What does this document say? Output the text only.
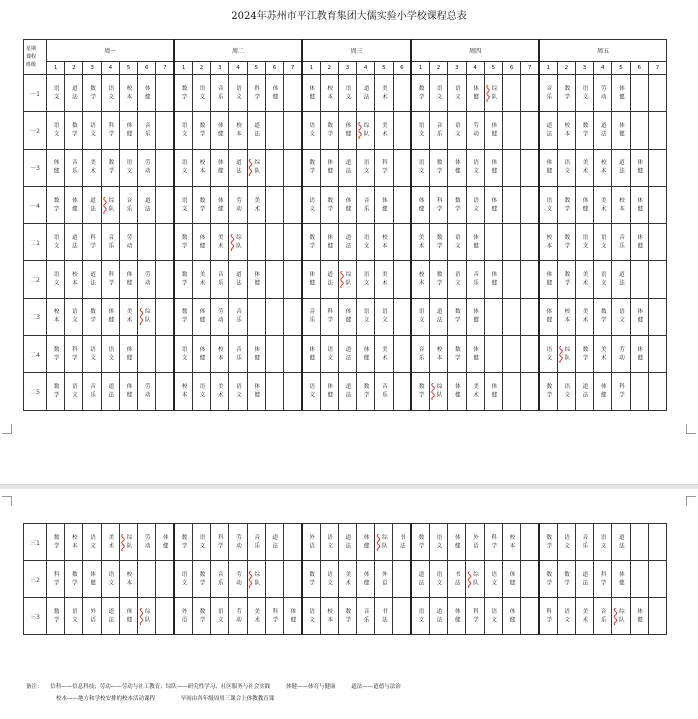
2024年苏州市平江教育集团大儒实验小学校课程总表
星期
课程
班级	周一							周二							周三						周四							周五						
	1	2	3	4	5	6	7	1	2	3	4	5	6	7	1	2	3	4	5	6	1	2	3	4	5	6	7	1	2	3	4	5	6	7
一1	语文	道法	数学	语文	校本	体健		数学	语文	音乐	语文	科学	体健		体健	校本	语文	道法	美术		数学	语文	语文	体健	综队			音乐	数学	语文	劳动	体健		

一2	语文	数学	语文	科学	体健	音乐		语文	数学	体健	校本	道法			语文	数学	体健	综队	美术		语文	音乐	语文	劳动	体健			道法	校本	数学	道法	体健		

一3	体健	音乐	美术	数学	语文	劳动		语文	校本	体健	道法	综队			数学	体健	道法	语文	科学		语文	数学	体健	语文	体健			体健	语文	美术	校本	道法	体健	

一4	数学	体健	道法	综队	音乐	道法		语文	数学	体健	劳动	美术			语文	数学	体健	音乐	体健		体健	科学	数学	语文	体健			语文	数学	体健	美术	校本	体健	

二1	语文	道法	科学	音乐	劳动			数学	体健	美术	综队				数学	体健	道法	语文	校本		美术	数学	语文	体健				校本	数学	语文	语文	音乐	体健	

二2	语文	校本	道法	科学	体健	劳动		数学	美术	音乐	道法	体健			体健	道法	综队	语文	美术		校本	数学	语文	音乐	体健			体健	数学	美术	语文	道法		

二3	校本	语文	数学	体健	美术	综队		数学	体健	劳动	音乐				音乐	科学	体健	语文	语文		语文	道法	数学	体健				体健	校本	美术	数学	语文	体健	

二4	数学	科学	语文	语文	体健			语文	体健	校本	音乐	体健			体健	语文	道法	体健	美术		音乐	校本	数学	体健				语文	综队	数学	美术	劳动	体健	

二5	数学	语文	音乐	道法	体健	劳动		校本	语文	美术	语文	体健			语文	体健	道法	数学	音乐		数学	综队	体健	美术	体健			数学	语文	道法	体健	科学		

三1	数学	校本	语文	美术	综队	劳动	体健	数学	语文	科学	劳动	音乐	道法		外语	语文	道法	体健	综队	书法	数学	语文	体健	外语	科学	校本		数学	语文	音乐	语文	道法		

三2	科学	数学	体健	语文	校本			语文	数学	音乐	劳动	综队			数学	语文	美术	体健	外语		道法	语文	书法	综队	语文	体健		数学	数学	道法	科学	体健		

三3	数学	语文	外语	道法	体健	综队		外语	数学	语文	劳动	美术	科学	体健	语文	校本	数学	音乐	书法		语文	道法	体健	科学	语文	体健		科学	语文	美术	音乐	综队	体健	

备注： 信科——信息科技；劳动——劳动与社工教育；综队——研究性学习、社区服务与社会实践	体健——体育与健康	道法——道德与法治
校本——地方和学校安排的校本活动课程	早间由各年级周用三课合上体教教育课
